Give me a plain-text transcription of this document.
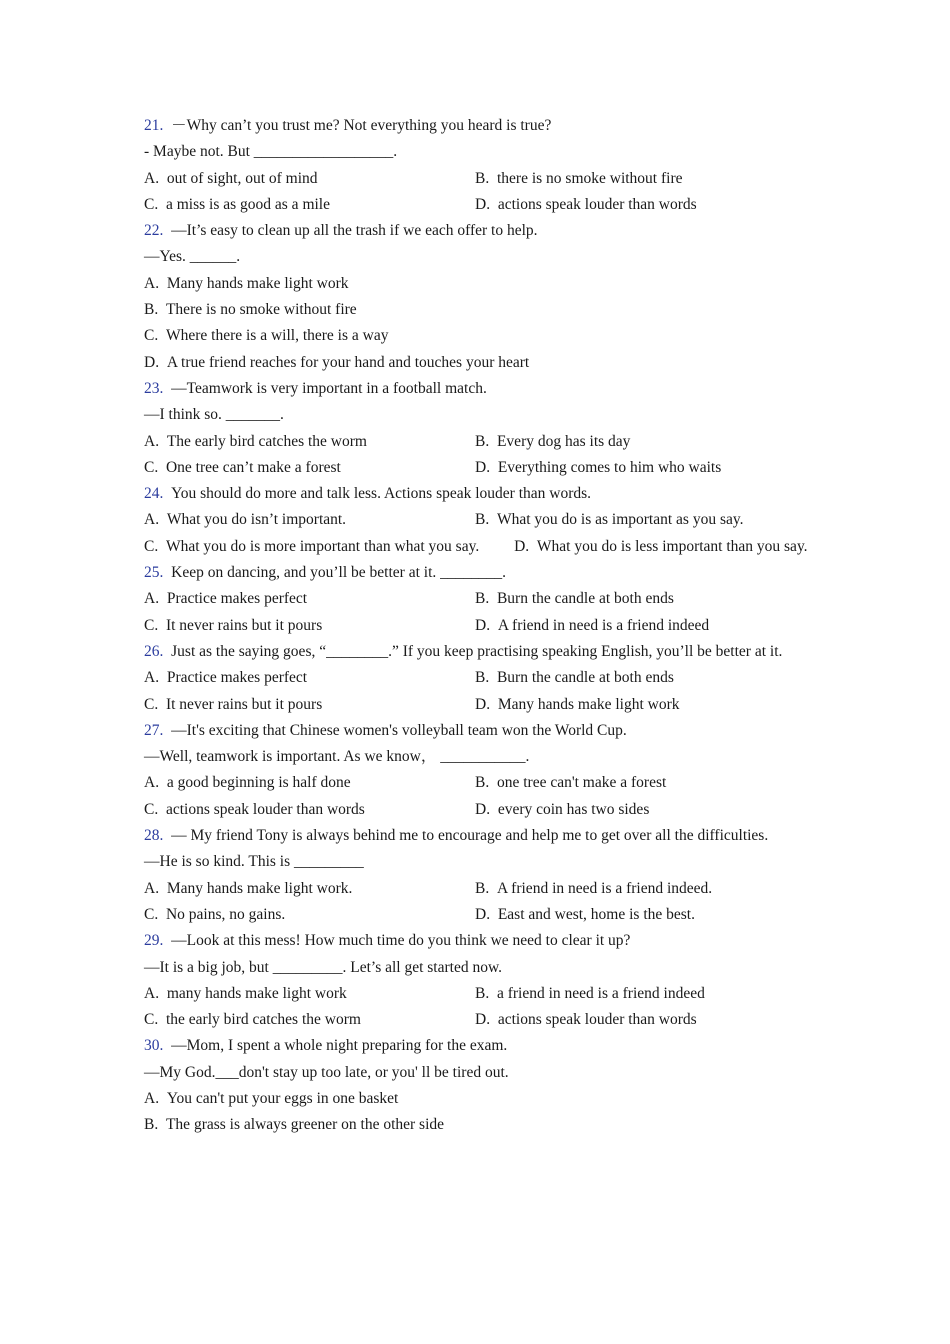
21. －Why can’t you trust me? Not everything you heard is true?
- Maybe not. But __________________.
A. out of sight, out of mind	B. there is no smoke without fire
C. a miss is as good as a mile	D. actions speak louder than words
22. —It’s easy to clean up all the trash if we each offer to help.
—Yes. ______.
A. Many hands make light work
B. There is no smoke without fire
C. Where there is a will, there is a way
D. A true friend reaches for your hand and touches your heart
23. —Teamwork is very important in a football match.
—I think so. _______.
A. The early bird catches the worm	B. Every dog has its day
C. One tree can’t make a forest	D. Everything comes to him who waits
24. You should do more and talk less. Actions speak louder than words.
A. What you do isn’t important.	B. What you do is as important as you say.
C. What you do is more important than what you say. D. What you do is less important than you say.
25. Keep on dancing, and you’ll be better at it. ________.
A. Practice makes perfect	B. Burn the candle at both ends
C. It never rains but it pours	D. A friend in need is a friend indeed
26. Just as the saying goes, “________.” If you keep practising speaking English, you’ll be better at it.
A. Practice makes perfect	B. Burn the candle at both ends
C. It never rains but it pours	D. Many hands make light work
27. —It's exciting that Chinese women's volleyball team won the World Cup.
—Well, teamwork is important. As we know， ___________.
A. a good beginning is half done	B. one tree can't make a forest
C. actions speak louder than words	D. every coin has two sides
28. — My friend Tony is always behind me to encourage and help me to get over all the difficulties.
—He is so kind. This is _________
A. Many hands make light work.	B. A friend in need is a friend indeed.
C. No pains, no gains.	D. East and west, home is the best.
29. —Look at this mess! How much time do you think we need to clear it up?
—It is a big job, but _________. Let’s all get started now.
A. many hands make light work	B. a friend in need is a friend indeed
C. the early bird catches the worm	D. actions speak louder than words
30. —Mom, I spent a whole night preparing for the exam.
—My God.___don't stay up too late, or you' ll be tired out.
A. You can't put your eggs in one basket
B. The grass is always greener on the other side
